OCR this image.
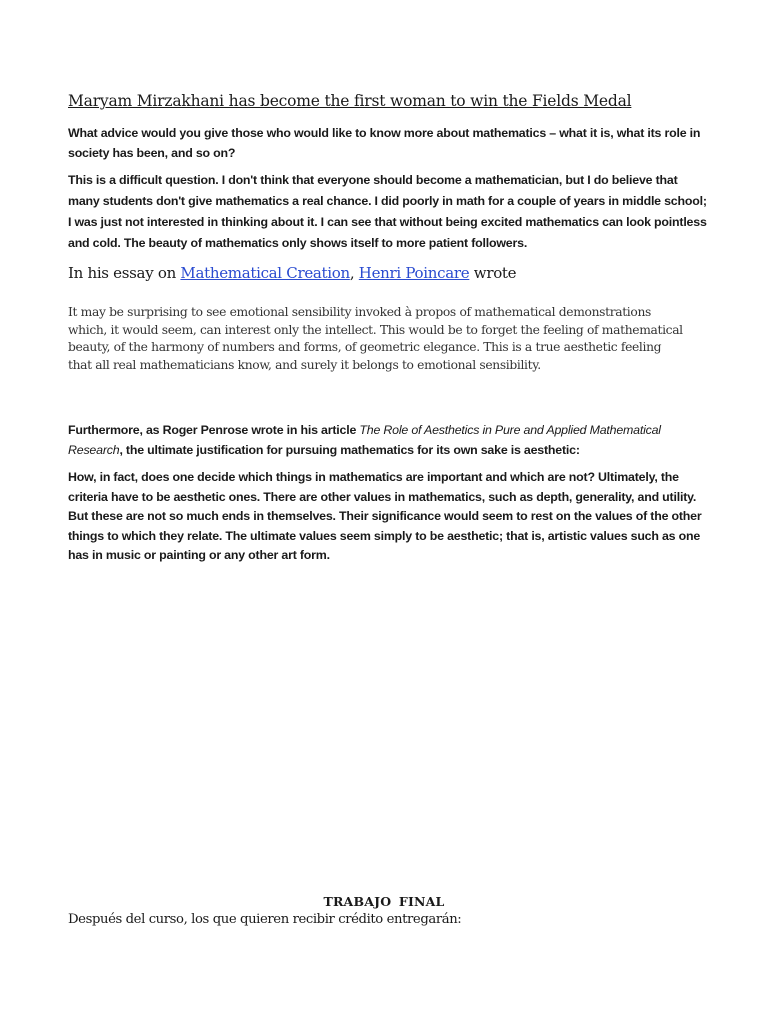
Maryam Mirzakhani has become the first woman to win the Fields Medal
What advice would you give those who would like to know more about mathematics – what it is, what its role in society has been, and so on?
This is a difficult question. I don't think that everyone should become a mathematician, but I do believe that many students don't give mathematics a real chance. I did poorly in math for a couple of years in middle school; I was just not interested in thinking about it. I can see that without being excited mathematics can look pointless and cold. The beauty of mathematics only shows itself to more patient followers.
In his essay on Mathematical Creation, Henri Poincare wrote
It may be surprising to see emotional sensibility invoked à propos of mathematical demonstrations which, it would seem, can interest only the intellect. This would be to forget the feeling of mathematical beauty, of the harmony of numbers and forms, of geometric elegance. This is a true aesthetic feeling that all real mathematicians know, and surely it belongs to emotional sensibility.
Furthermore, as Roger Penrose wrote in his article The Role of Aesthetics in Pure and Applied Mathematical Research, the ultimate justification for pursuing mathematics for its own sake is aesthetic:
How, in fact, does one decide which things in mathematics are important and which are not? Ultimately, the criteria have to be aesthetic ones. There are other values in mathematics, such as depth, generality, and utility. But these are not so much ends in themselves. Their significance would seem to rest on the values of the other things to which they relate. The ultimate values seem simply to be aesthetic; that is, artistic values such as one has in music or painting or any other art form.
TRABAJO FINAL
Después del curso, los que quieren recibir crédito entregarán:
